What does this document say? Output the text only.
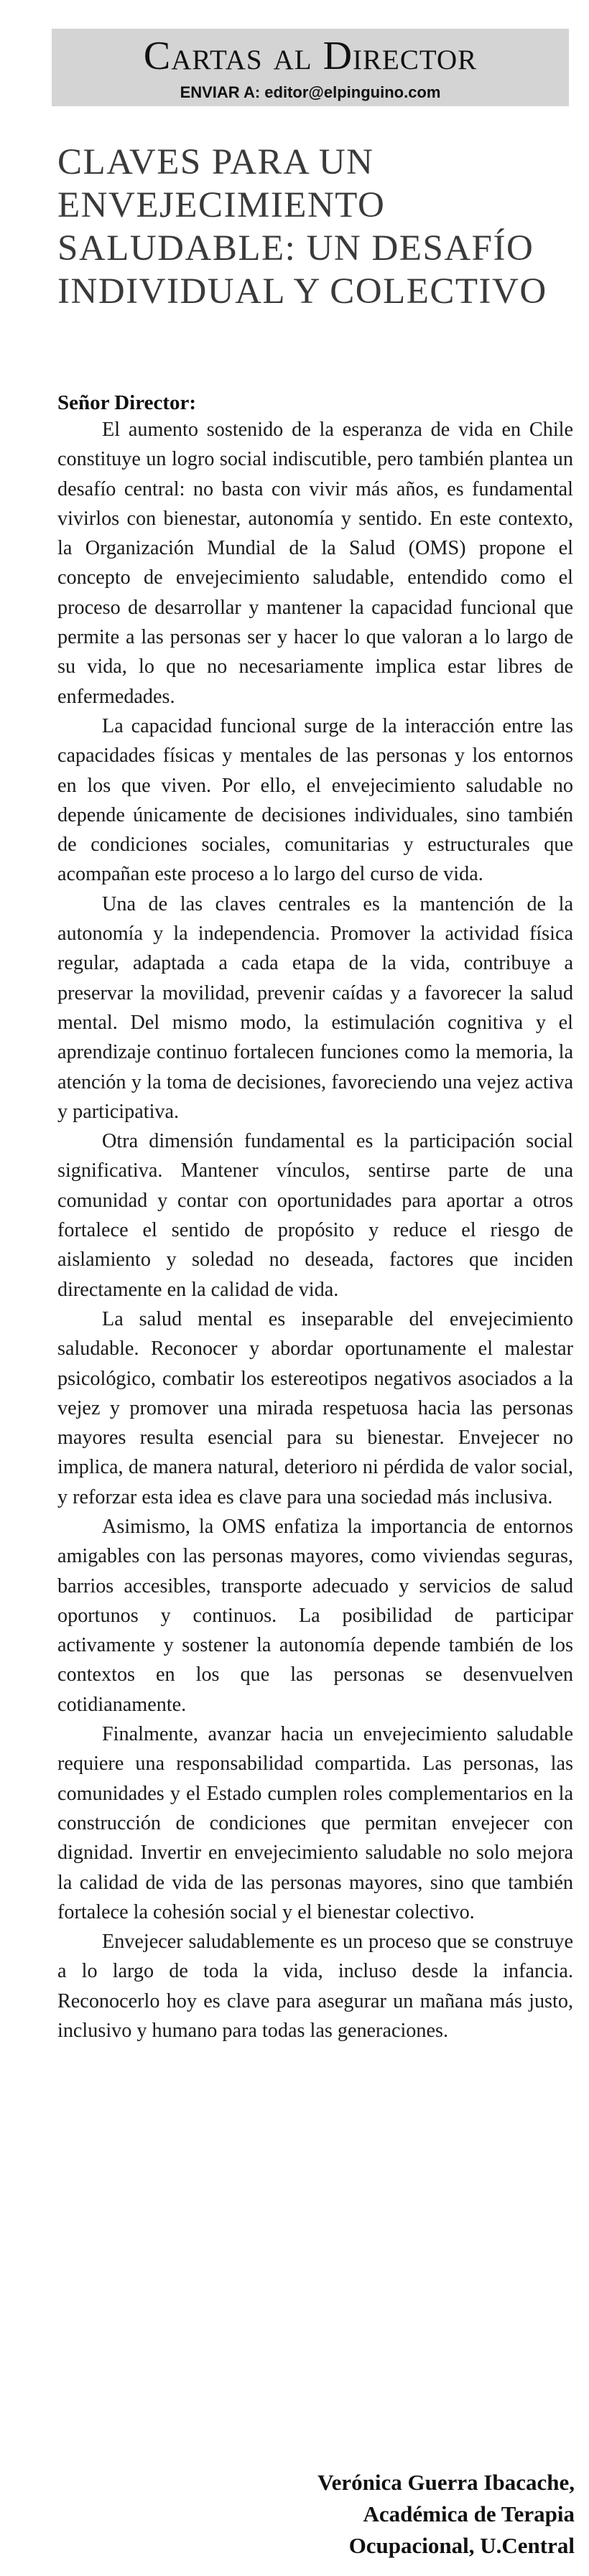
Cartas al Director
ENVIAR A: editor@elpinguino.com
CLAVES PARA UN ENVEJECIMIENTO SALUDABLE: UN DESAFÍO INDIVIDUAL Y COLECTIVO
Señor Director:

El aumento sostenido de la esperanza de vida en Chile constituye un logro social indiscutible, pero también plantea un desafío central: no basta con vivir más años, es fundamental vivirlos con bienestar, autonomía y sentido. En este contexto, la Organización Mundial de la Salud (OMS) propone el concepto de envejecimiento saludable, entendido como el proceso de desarrollar y mantener la capacidad funcional que permite a las personas ser y hacer lo que valoran a lo largo de su vida, lo que no necesariamente implica estar libres de enfermedades.

La capacidad funcional surge de la interacción entre las capacidades físicas y mentales de las personas y los entornos en los que viven. Por ello, el envejecimiento saludable no depende únicamente de decisiones individuales, sino también de condiciones sociales, comunitarias y estructurales que acompañan este proceso a lo largo del curso de vida.

Una de las claves centrales es la mantención de la autonomía y la independencia. Promover la actividad física regular, adaptada a cada etapa de la vida, contribuye a preservar la movilidad, prevenir caídas y a favorecer la salud mental. Del mismo modo, la estimulación cognitiva y el aprendizaje continuo fortalecen funciones como la memoria, la atención y la toma de decisiones, favoreciendo una vejez activa y participativa.

Otra dimensión fundamental es la participación social significativa. Mantener vínculos, sentirse parte de una comunidad y contar con oportunidades para aportar a otros fortalece el sentido de propósito y reduce el riesgo de aislamiento y soledad no deseada, factores que inciden directamente en la calidad de vida.

La salud mental es inseparable del envejecimiento saludable. Reconocer y abordar oportunamente el malestar psicológico, combatir los estereotipos negativos asociados a la vejez y promover una mirada respetuosa hacia las personas mayores resulta esencial para su bienestar. Envejecer no implica, de manera natural, deterioro ni pérdida de valor social, y reforzar esta idea es clave para una sociedad más inclusiva.

Asimismo, la OMS enfatiza la importancia de entornos amigables con las personas mayores, como viviendas seguras, barrios accesibles, transporte adecuado y servicios de salud oportunos y continuos. La posibilidad de participar activamente y sostener la autonomía depende también de los contextos en los que las personas se desenvuelven cotidianamente.

Finalmente, avanzar hacia un envejecimiento saludable requiere una responsabilidad compartida. Las personas, las comunidades y el Estado cumplen roles complementarios en la construcción de condiciones que permitan envejecer con dignidad. Invertir en envejecimiento saludable no solo mejora la calidad de vida de las personas mayores, sino que también fortalece la cohesión social y el bienestar colectivo.

Envejecer saludablemente es un proceso que se construye a lo largo de toda la vida, incluso desde la infancia. Reconocerlo hoy es clave para asegurar un mañana más justo, inclusivo y humano para todas las generaciones.

Verónica Guerra Ibacache,
Académica de Terapia
Ocupacional, U.Central
